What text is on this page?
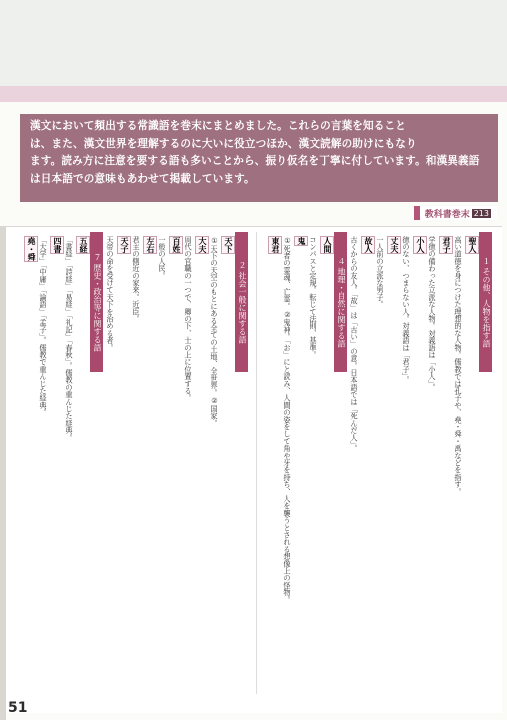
漢文において頻出する常識語を巻末にまとめました。これらの言葉を知ること

は、また、漢文世界を理解するのに大いに役立つほか、漢文読解の助けにもなり

ます。読み方に注意を要する語も多いことから、振り仮名を丁寧に付しています。和漢異義語は日本語での意味もあわせて掲載しています。

教科書巻末 213
１ その他、人物を指す語
聖人
高い道徳を身につけた理想的な人物。儒教では孔子や、堯・舜・禹などを指す。
君子
学徳の備わった立派な人物。対義語は「小人」。
小人
徳のない、つまらない人。対義語は「君子」。
丈夫
一人前の立派な男子。
故人
古くからの友人。「故」は「古い」の意。日本語では「死んだ人」。
４ 地理・自然に関する語
人間
コンパスと定規。転じて法則、基準。
鬼
①死者の霊魂、亡霊。②鬼神。「お」にと読み、人間の姿をして角や牙を持ち、人を襲うとされる想像上の怪物。
東君
２ 社会一般に関する語
天下
①天下の天空のもとにある全ての土地、全世界。②国家。
大夫
周代の官職の一つで、卿の下、士の上に位置する。
百姓
一般の人民。
左右
君主の側近の家来。近臣。
天子
天帝の命を受けて天下を治める者。
７ 歴史・政治等に関する語
五経
「書経」「詩経」「易経」「礼記」「春秋」。儒教の重んじた経典。
四書
「大学」「中庸」「論語」「孟子」。儒教で重んじた経典。
堯・舜
51
